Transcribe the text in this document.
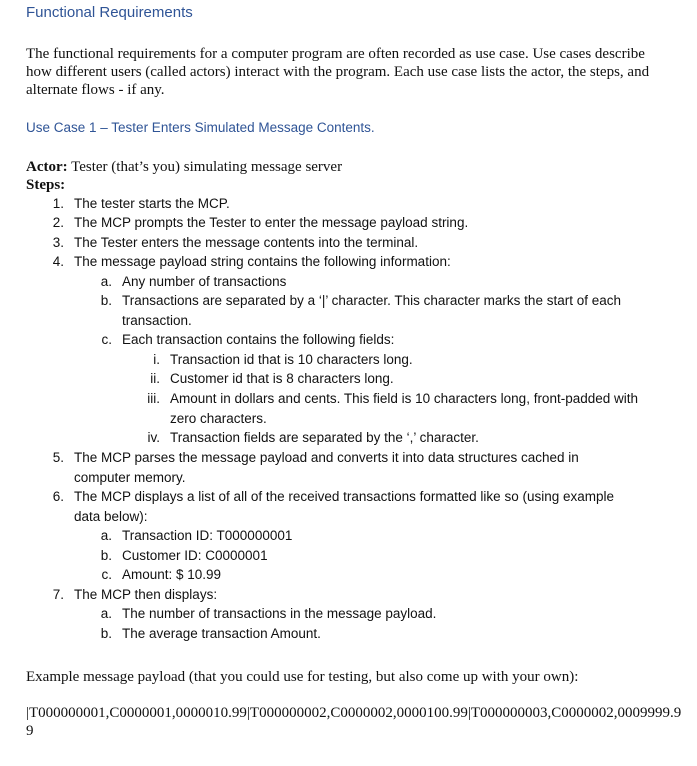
Functional Requirements
The functional requirements for a computer program are often recorded as use case. Use cases describe how different users (called actors) interact with the program. Each use case lists the actor, the steps, and alternate flows - if any.
Use Case 1 – Tester Enters Simulated Message Contents.
Actor: Tester (that’s you) simulating message server
Steps:
1. The tester starts the MCP.
2. The MCP prompts the Tester to enter the message payload string.
3. The Tester enters the message contents into the terminal.
4. The message payload string contains the following information:
a. Any number of transactions
b. Transactions are separated by a ‘|’ character. This character marks the start of each transaction.
c. Each transaction contains the following fields:
i. Transaction id that is 10 characters long.
ii. Customer id that is 8 characters long.
iii. Amount in dollars and cents. This field is 10 characters long, front-padded with zero characters.
iv. Transaction fields are separated by the ‘,’ character.
5. The MCP parses the message payload and converts it into data structures cached in computer memory.
6. The MCP displays a list of all of the received transactions formatted like so (using example data below):
a. Transaction ID: T000000001
b. Customer ID: C0000001
c. Amount: $ 10.99
7. The MCP then displays:
a. The number of transactions in the message payload.
b. The average transaction Amount.
Example message payload (that you could use for testing, but also come up with your own):
|T000000001,C0000001,0000010.99|T000000002,C0000002,0000100.99|T000000003,C0000002,0009999.99
